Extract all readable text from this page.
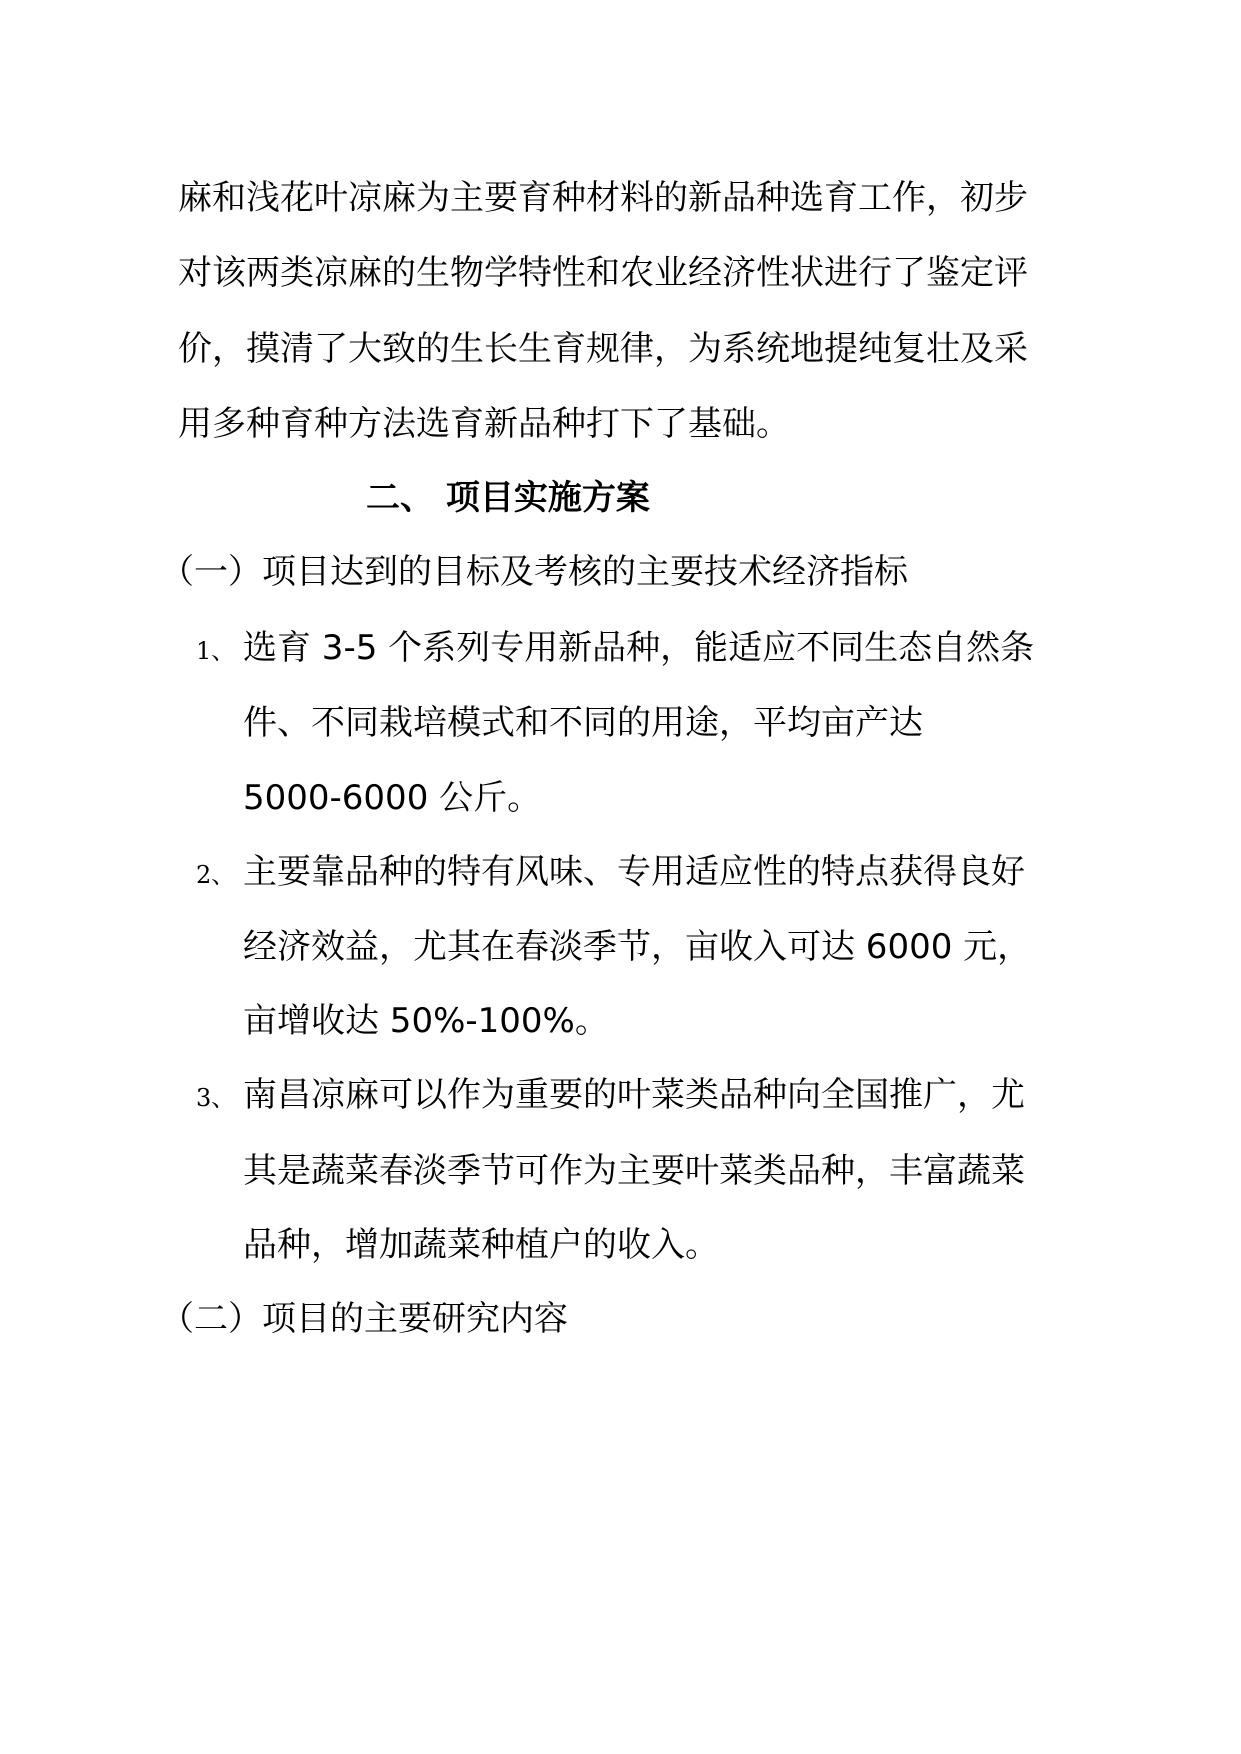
麻和浅花叶凉麻为主要育种材料的新品种选育工作，初步
对该两类凉麻的生物学特性和农业经济性状进行了鉴定评
价，摸清了大致的生长生育规律，为系统地提纯复壮及采
用多种育种方法选育新品种打下了基础。
二、 项目实施方案
（一）项目达到的目标及考核的主要技术经济指标
1、 选育 3-5 个系列专用新品种，能适应不同生态自然条
件、不同栽培模式和不同的用途，平均亩产达
5000-6000 公斤。
2、 主要靠品种的特有风味、专用适应性的特点获得良好
经济效益，尤其在春淡季节，亩收入可达 6000 元，
亩增收达 50%-100%。
3、 南昌凉麻可以作为重要的叶菜类品种向全国推广，尤
其是蔬菜春淡季节可作为主要叶菜类品种，丰富蔬菜
品种，增加蔬菜种植户的收入。
（二）项目的主要研究内容
